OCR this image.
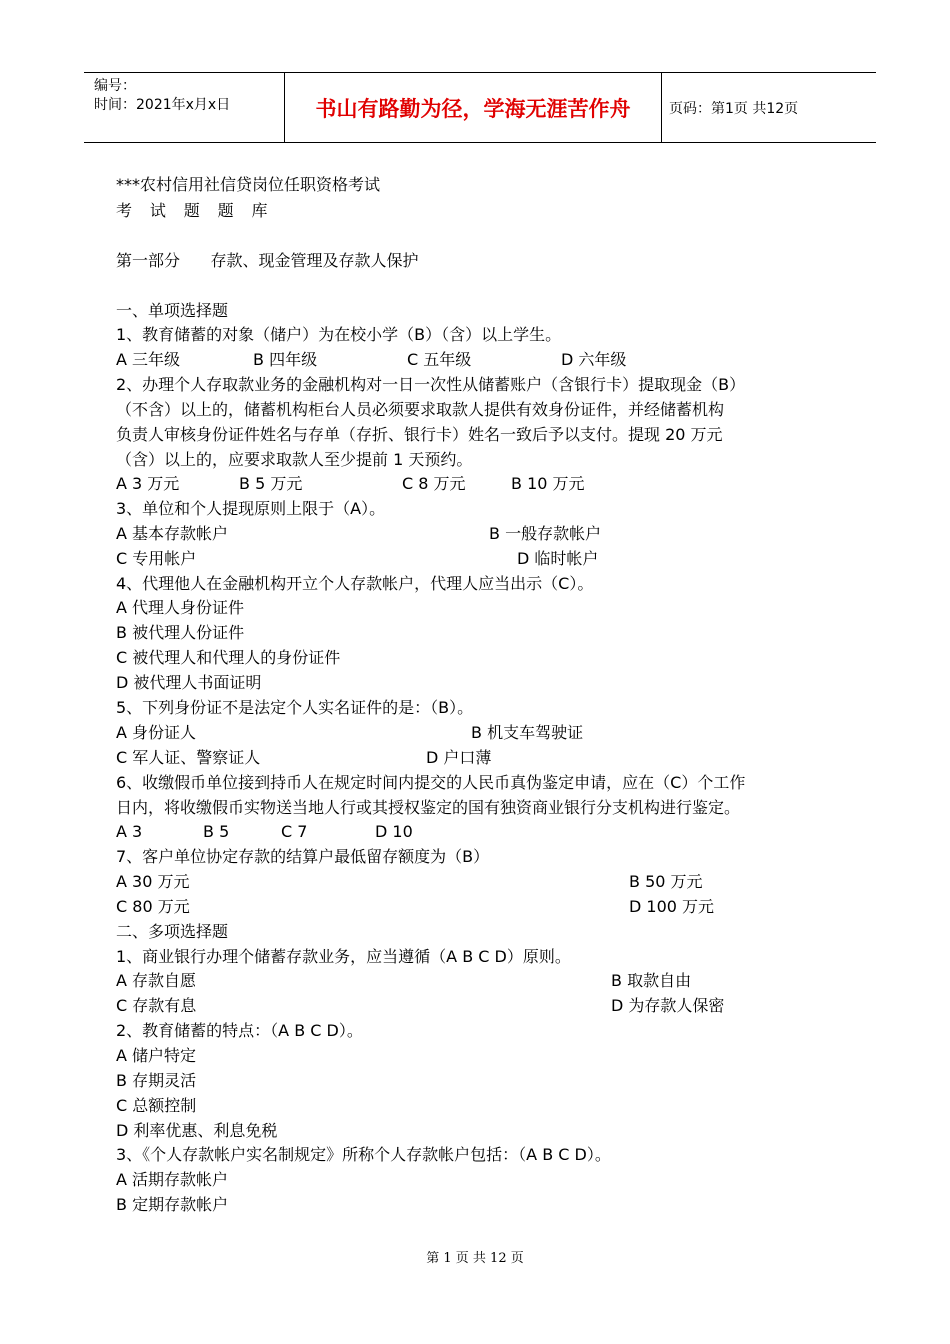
编号：
时间：2021年x月x日	书山有路勤为径，学海无涯苦作舟	页码：第1页 共12页
***农村信用社信贷岗位任职资格考试
考 试 题 题 库
第一部分      存款、现金管理及存款人保护
一、单项选择题
1、教育储蓄的对象（储户）为在校小学（B）（含）以上学生。
A 三年级	B 四年级	C 五年级	D 六年级
2、办理个人存取款业务的金融机构对一日一次性从储蓄账户（含银行卡）提取现金（B）
（不含）以上的，储蓄机构柜台人员必须要求取款人提供有效身份证件，并经储蓄机构
负责人审核身份证件姓名与存单（存折、银行卡）姓名一致后予以支付。提现 20 万元
（含）以上的，应要求取款人至少提前 1 天预约。
A 3 万元	B 5 万元	C 8 万元	B 10 万元
3、单位和个人提现原则上限于（A）。
A 基本存款帐户	B 一般存款帐户
C 专用帐户	D 临时帐户
4、代理他人在金融机构开立个人存款帐户，代理人应当出示（C）。
A 代理人身份证件
B 被代理人份证件
C 被代理人和代理人的身份证件
D 被代理人书面证明
5、下列身份证不是法定个人实名证件的是：（B）。
A 身份证人	B 机支车驾驶证
C 军人证、警察证人	D 户口薄
6、收缴假币单位接到持币人在规定时间内提交的人民币真伪鉴定申请，应在（C）个工作
日内，将收缴假币实物送当地人行或其授权鉴定的国有独资商业银行分支机构进行鉴定。
A 3	B 5	C 7	D 10
7、客户单位协定存款的结算户最低留存额度为（B）
A 30 万元	B 50 万元
C 80 万元	D 100 万元
二、多项选择题
1、商业银行办理个储蓄存款业务，应当遵循（A B C D）原则。
A 存款自愿	B 取款自由
C 存款有息	D 为存款人保密
2、教育储蓄的特点：（A B C D）。
A 储户特定
B 存期灵活
C 总额控制
D 利率优惠、利息免税
3、《个人存款帐户实名制规定》所称个人存款帐户包括：（A B C D）。
A 活期存款帐户
B 定期存款帐户
第 1 页 共 12 页
